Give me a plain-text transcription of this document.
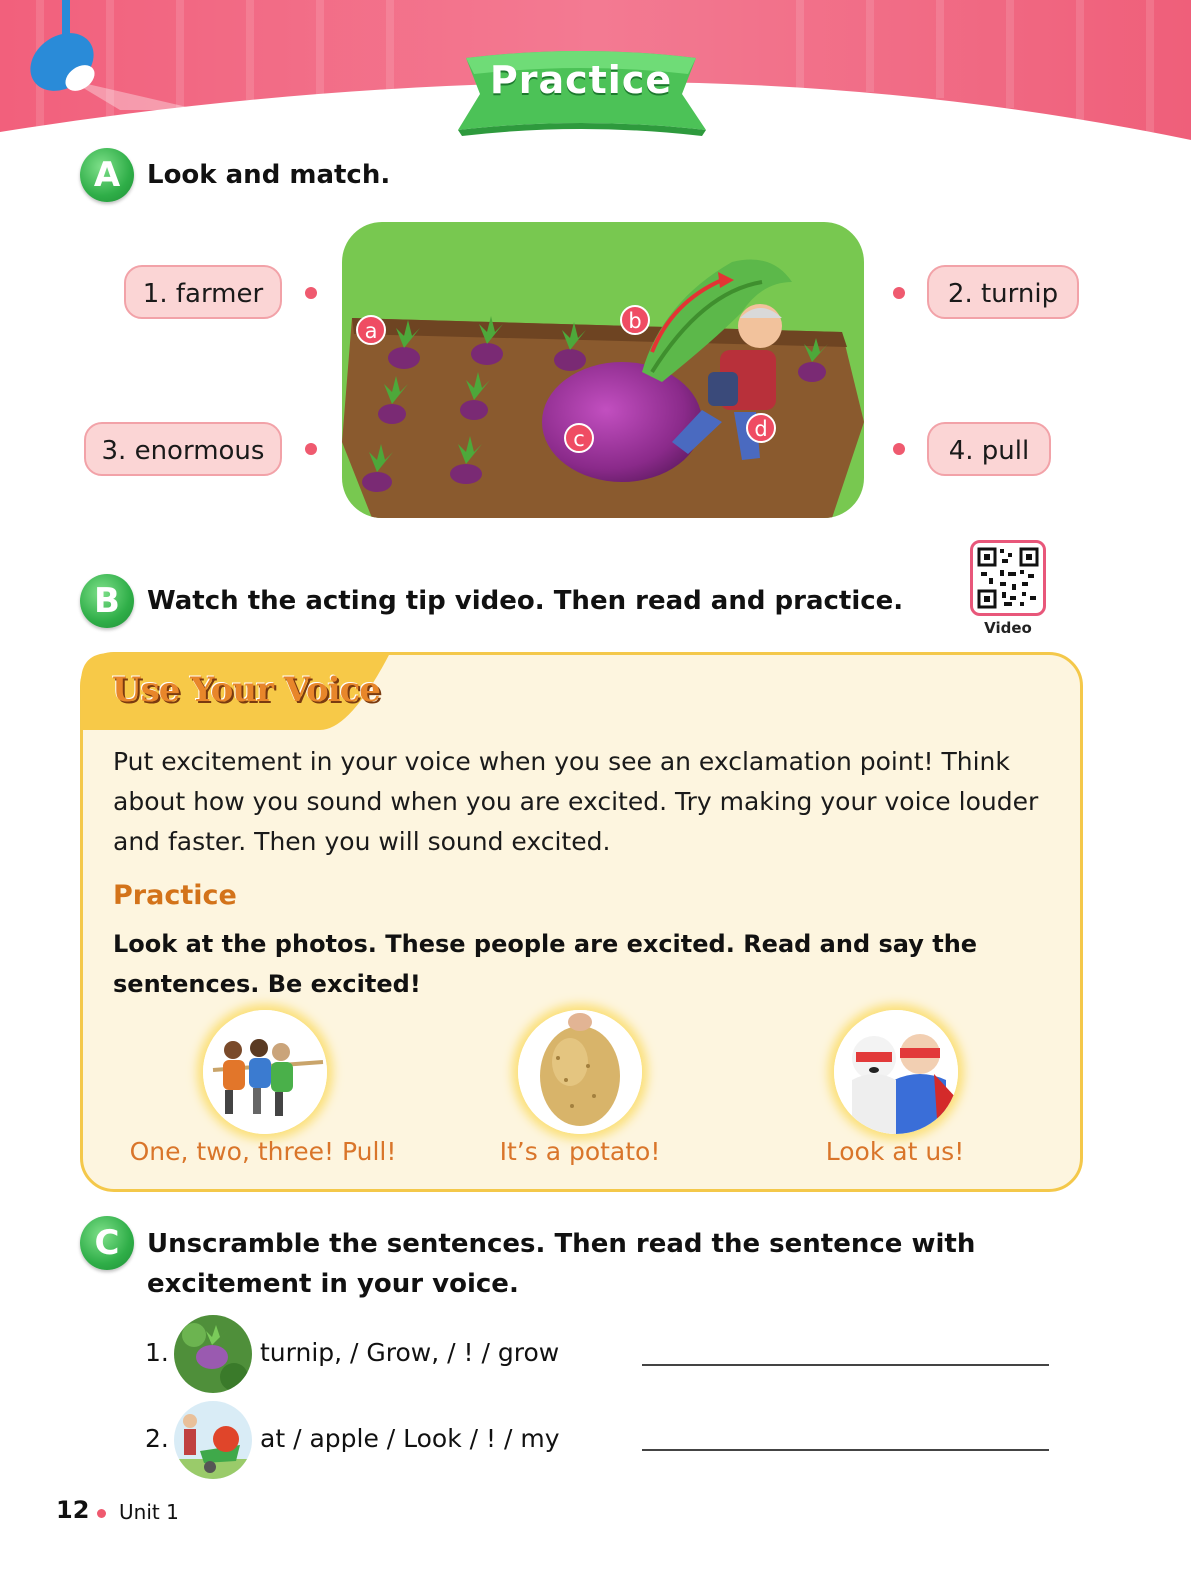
Practice
A	Look and match.
1. farmer	2. turnip
3. enormous	4. pull
a	b
c	d
B	Watch the acting tip video. Then read and practice.
Video
Use Your Voice
Put excitement in your voice when you see an exclamation point! Think about how you sound when you are excited. Try making your voice louder and faster. Then you will sound excited.
Practice
Look at the photos. These people are excited. Read and say the sentences. Be excited!
One, two, three! Pull!	It’s a potato!	Look at us!
C	Unscramble the sentences. Then read the sentence with excitement in your voice.
1.	turnip, / Grow, / ! / grow
2.	at / apple / Look / ! / my
12 Unit 1
